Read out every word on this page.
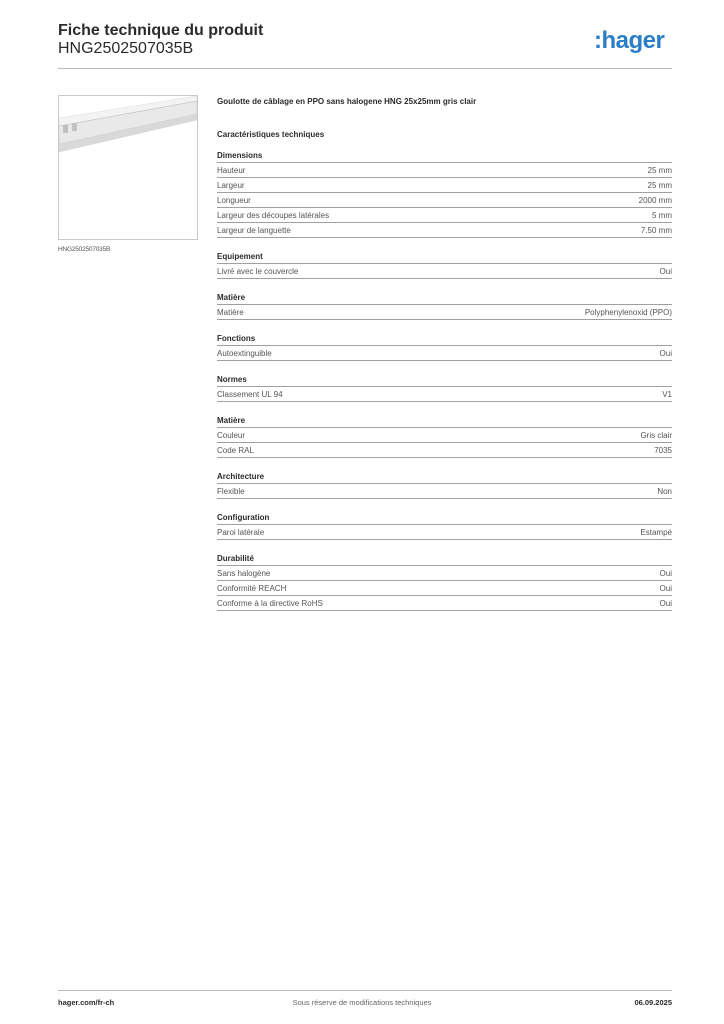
Fiche technique du produit
HNG2502507035B	:hager
HNG2502507035B
Goulotte de câblage en PPO sans halogene HNG 25x25mm gris clair
Caractéristiques techniques
Dimensions
Hauteur	25 mm
Largeur	25 mm
Longueur	2000 mm
Largeur des découpes latérales	5 mm
Largeur de languette	7.50 mm
Equipement
Livré avec le couvercle	Oui
Matière
Matière	Polyphenylenoxid (PPO)
Fonctions
Autoextinguible	Oui
Normes
Classement UL 94	V1
Matière
Couleur	Gris clair
Code RAL	7035
Architecture
Flexible	Non
Configuration
Paroi latérale	Estampé
Durabilité
Sans halogène	Oui
Conformité REACH	Oui
Conforme à la directive RoHS	Oui
hager.com/fr-ch	Sous réserve de modifications techniques	06.09.2025
